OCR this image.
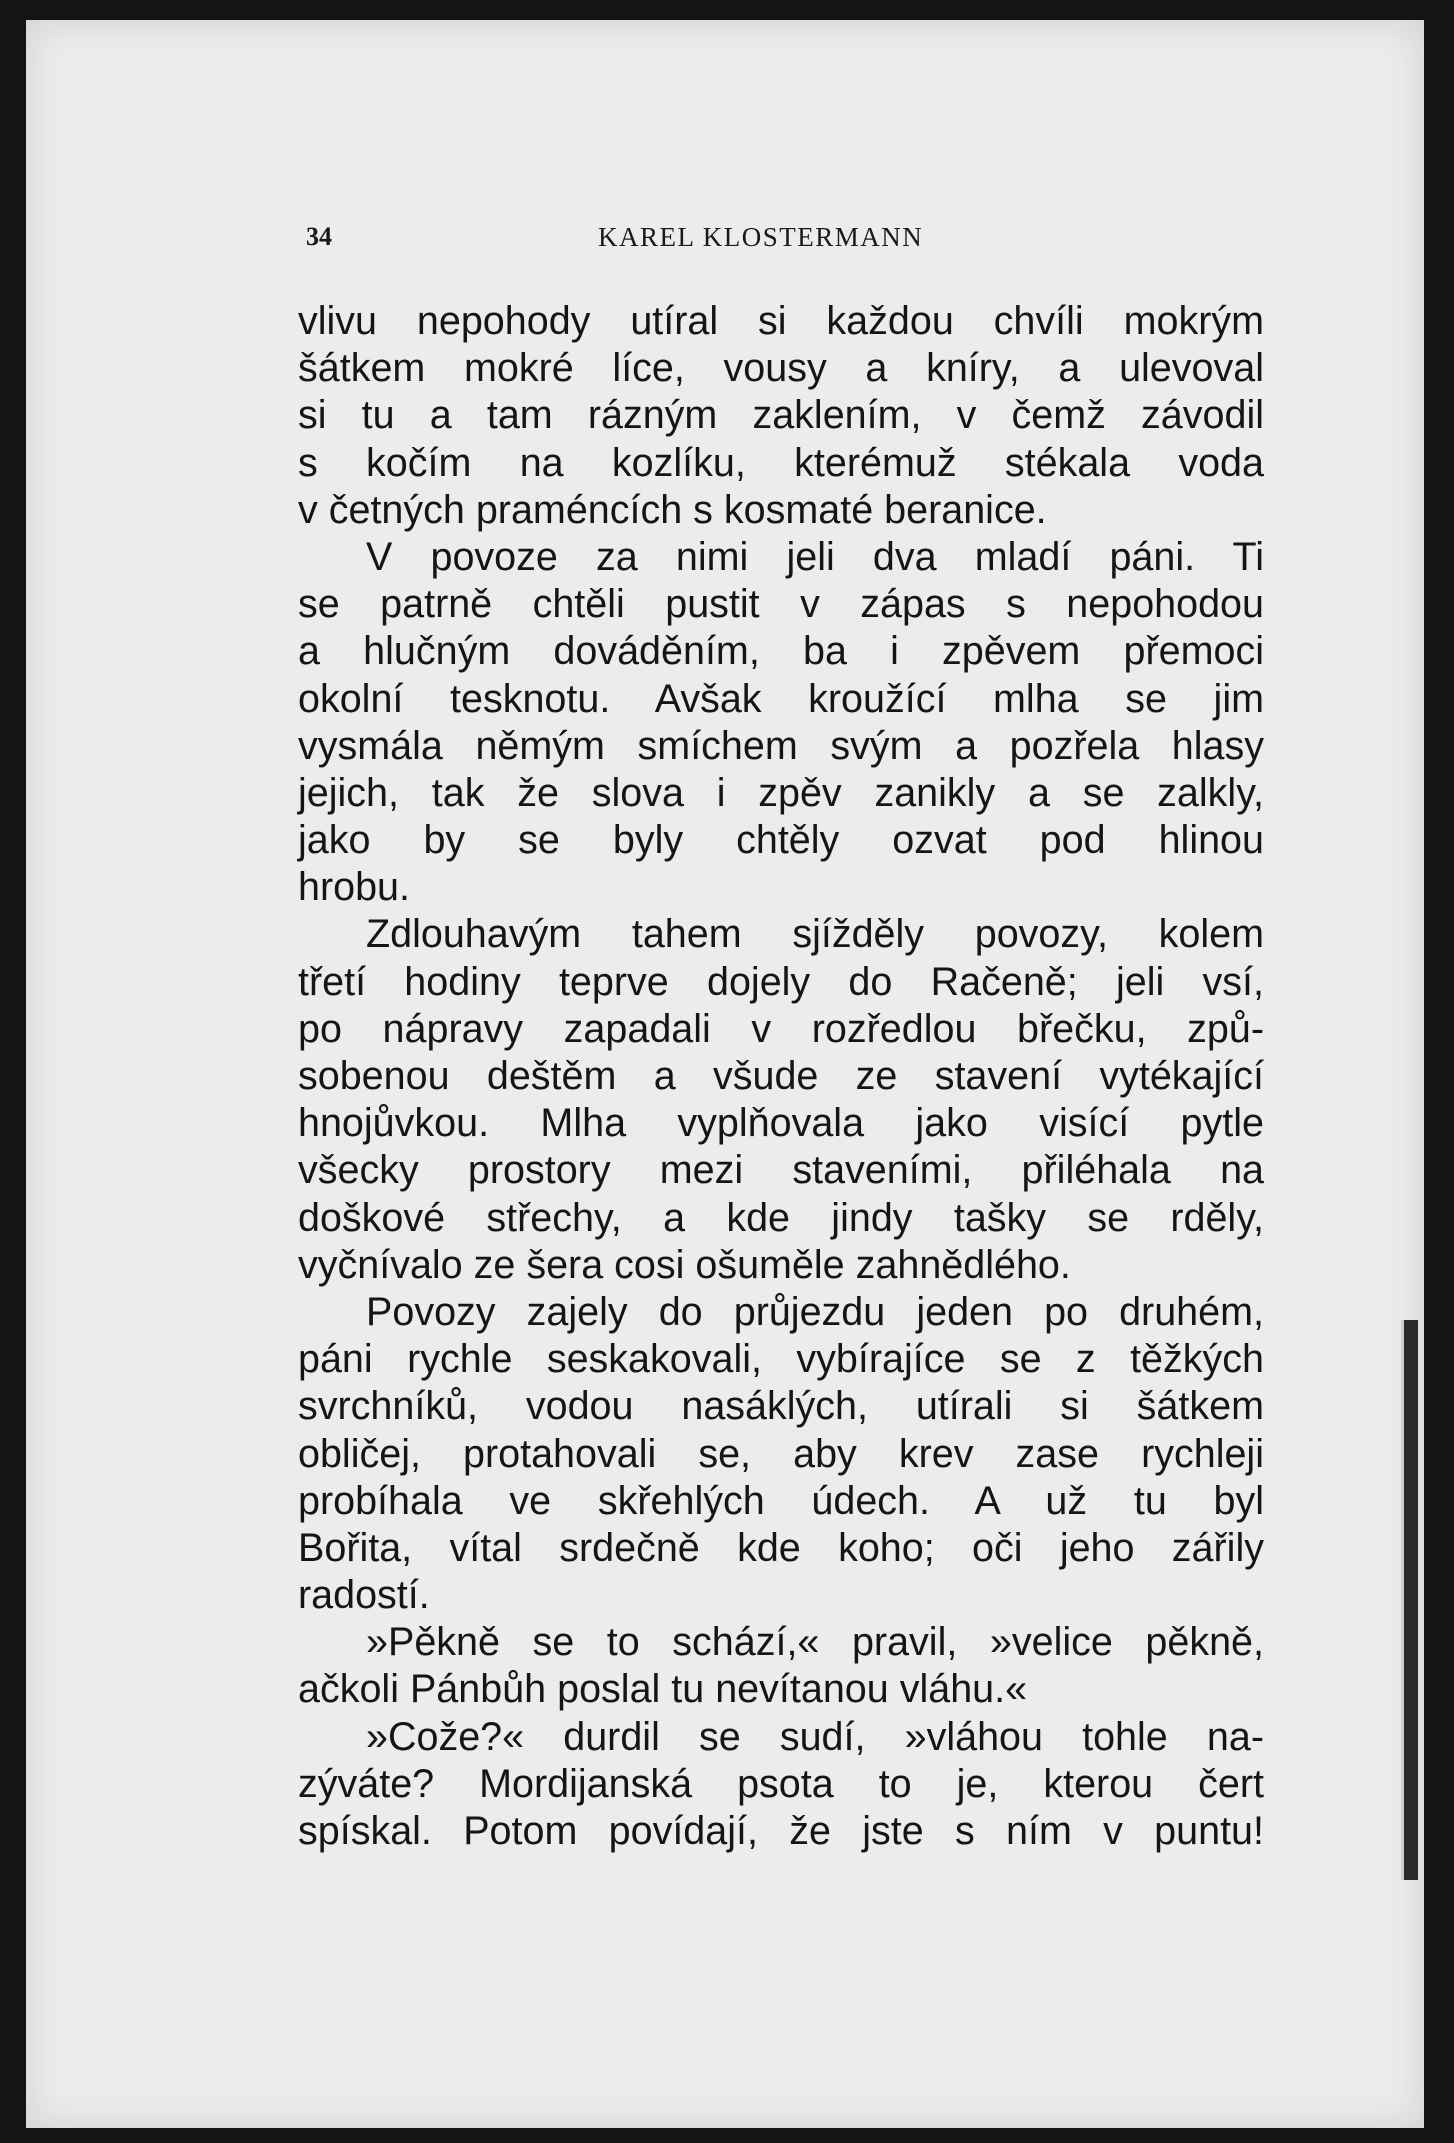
34	KAREL KLOSTERMANN
vlivu nepohody utíral si každou chvíli mokrým
šátkem mokré líce, vousy a kníry, a ulevoval
si tu a tam rázným zaklením, v čemž závodil
s kočím na kozlíku, kterémuž stékala voda
v četných praméncích s kosmaté beranice.
V povoze za nimi jeli dva mladí páni. Ti
se patrně chtěli pustit v zápas s nepohodou
a hlučným dováděním, ba i zpěvem přemoci
okolní tesknotu. Avšak kroužící mlha se jim
vysmála němým smíchem svým a pozřela hlasy
jejich, tak že slova i zpěv zanikly a se zalkly,
jako by se byly chtěly ozvat pod hlinou
hrobu.
Zdlouhavým tahem sjížděly povozy, kolem
třetí hodiny teprve dojely do Račeně; jeli vsí,
po nápravy zapadali v rozředlou břečku, způ-
sobenou deštěm a všude ze stavení vytékající
hnojůvkou. Mlha vyplňovala jako visící pytle
všecky prostory mezi staveními, přiléhala na
doškové střechy, a kde jindy tašky se rděly,
vyčnívalo ze šera cosi ošuměle zahnědlého.
Povozy zajely do průjezdu jeden po druhém,
páni rychle seskakovali, vybírajíce se z těžkých
svrchníků, vodou nasáklých, utírali si šátkem
obličej, protahovali se, aby krev zase rychleji
probíhala ve skřehlých údech. A už tu byl
Bořita, vítal srdečně kde koho; oči jeho zářily
radostí.
»Pěkně se to schází,« pravil, »velice pěkně,
ačkoli Pánbůh poslal tu nevítanou vláhu.«
»Cože?« durdil se sudí, »vláhou tohle na-
zýváte? Mordijanská psota to je, kterou čert
spískal. Potom povídají, že jste s ním v puntu!
